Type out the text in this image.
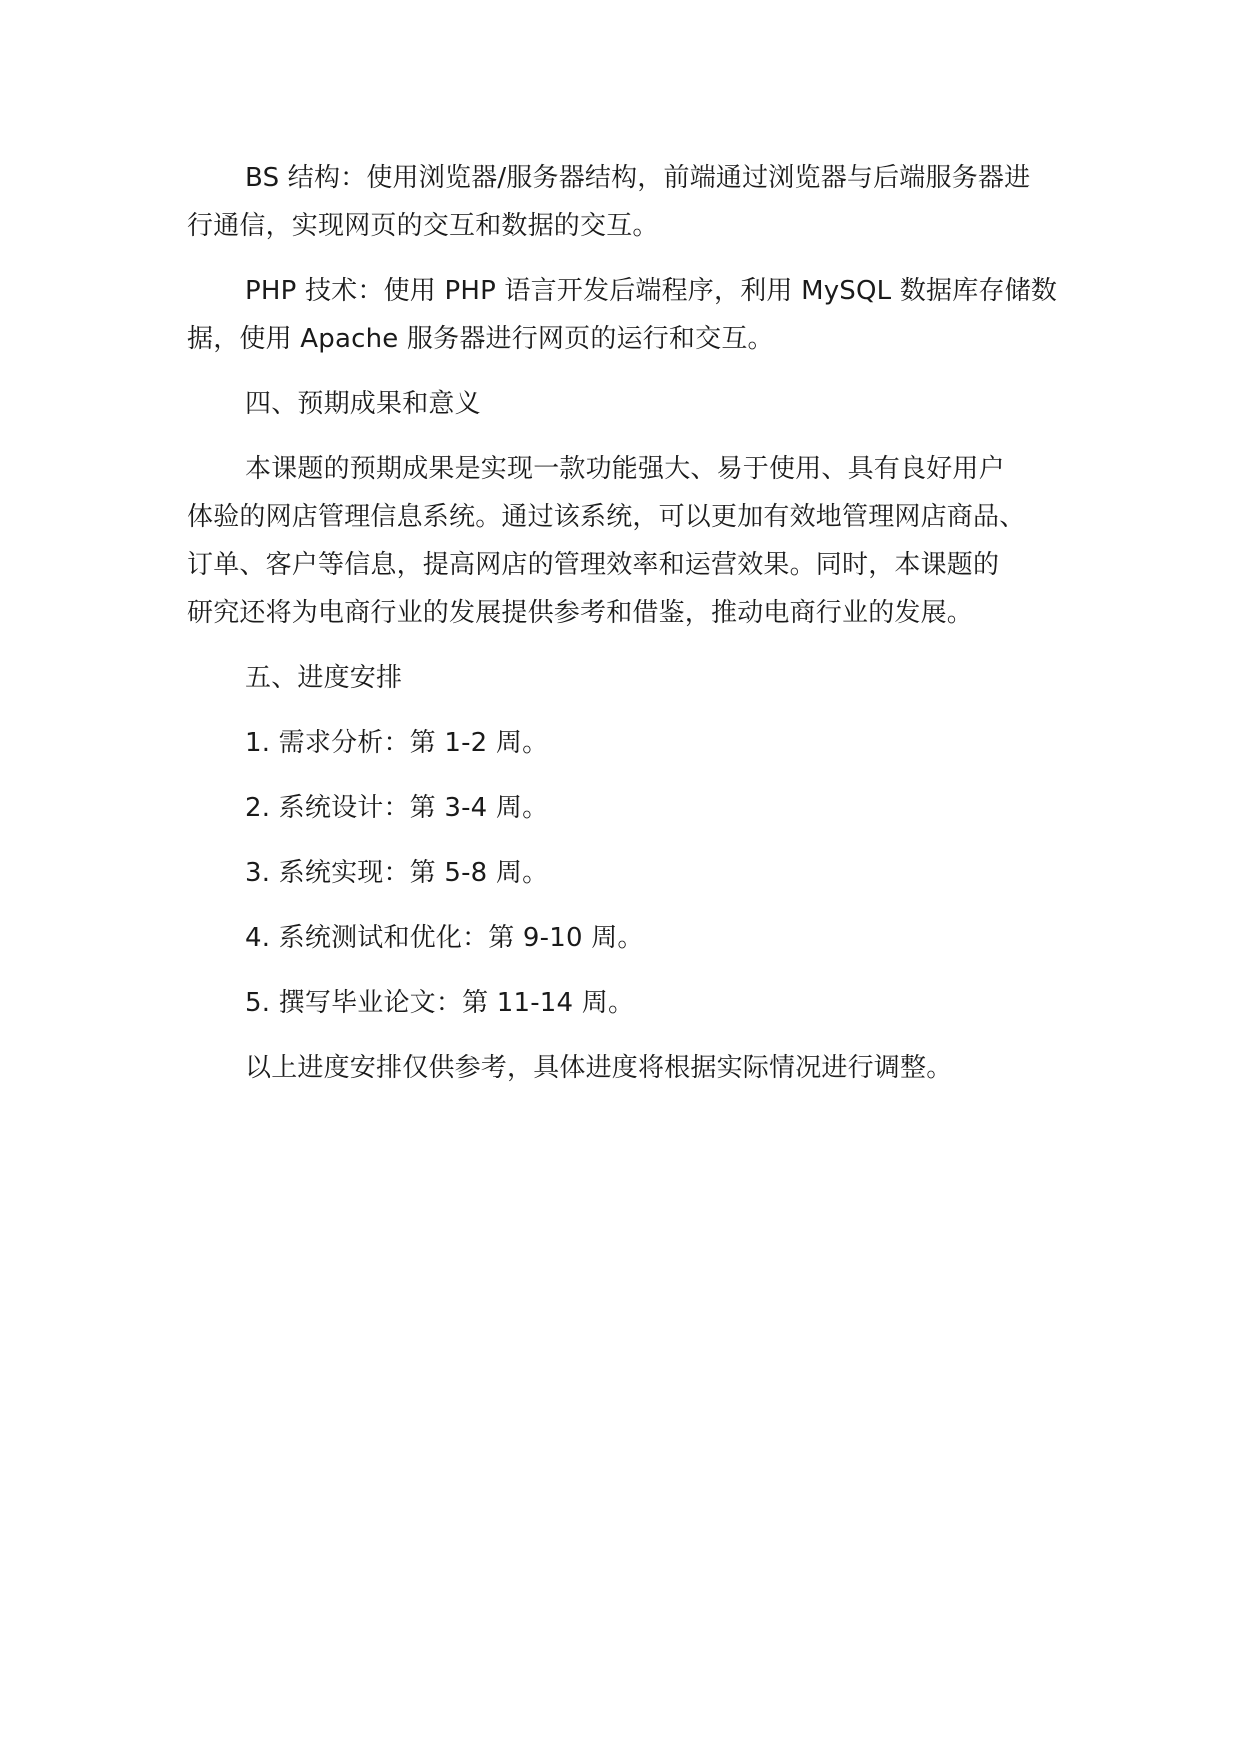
BS 结构：使用浏览器/服务器结构，前端通过浏览器与后端服务器进
行通信，实现网页的交互和数据的交互。

PHP 技术：使用 PHP 语言开发后端程序，利用 MySQL 数据库存储数
据，使用 Apache 服务器进行网页的运行和交互。

四、预期成果和意义

本课题的预期成果是实现一款功能强大、易于使用、具有良好用户
体验的网店管理信息系统。通过该系统，可以更加有效地管理网店商品、
订单、客户等信息，提高网店的管理效率和运营效果。同时，本课题的
研究还将为电商行业的发展提供参考和借鉴，推动电商行业的发展。

五、进度安排

1. 需求分析：第 1-2 周。

2. 系统设计：第 3-4 周。

3. 系统实现：第 5-8 周。

4. 系统测试和优化：第 9-10 周。

5. 撰写毕业论文：第 11-14 周。

以上进度安排仅供参考，具体进度将根据实际情况进行调整。
